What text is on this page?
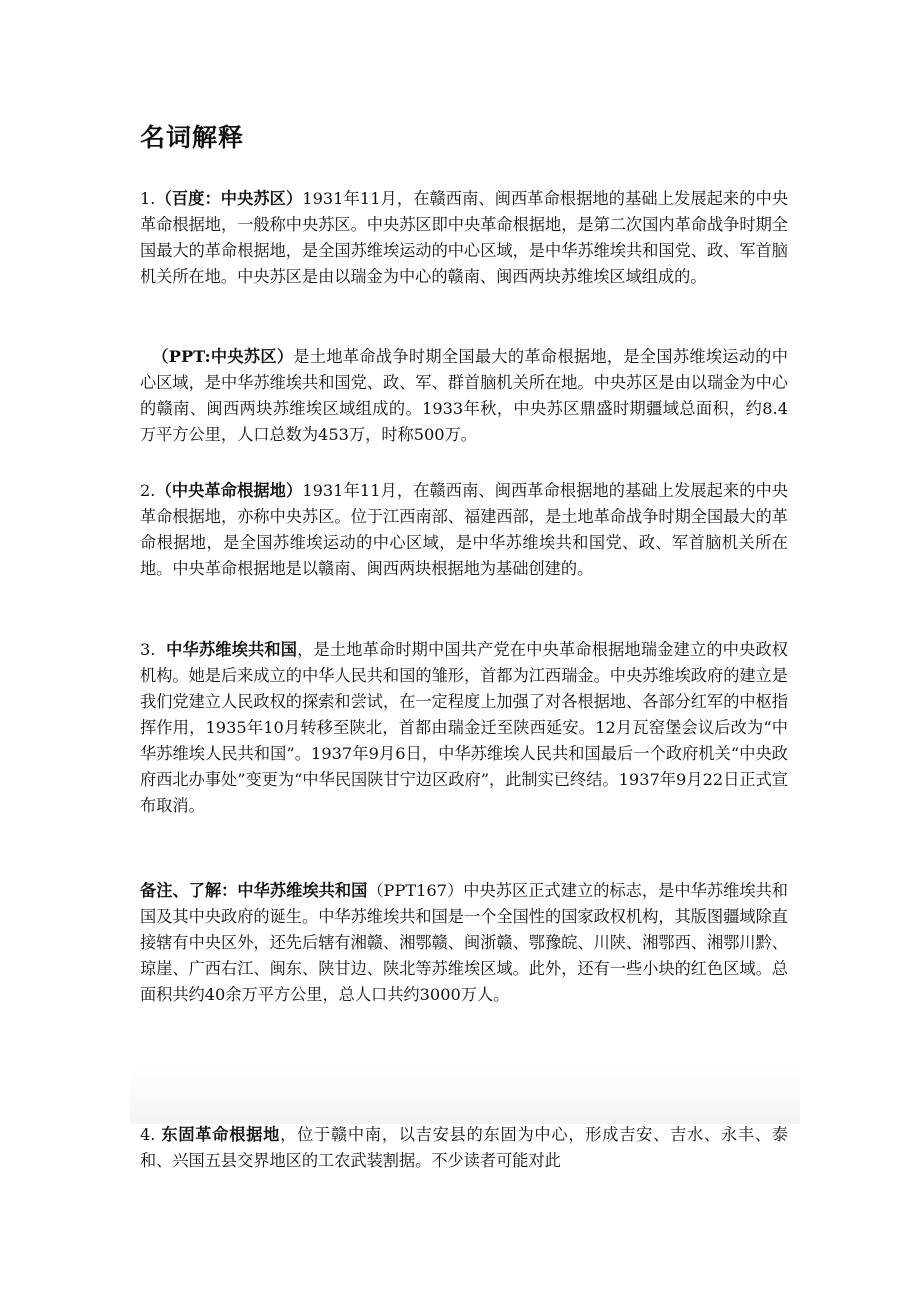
名词解释

1.（百度：中央苏区）1931年11月，在赣西南、闽西革命根据地的基础上发展起来的中央革命根据地，一般称中央苏区。中央苏区即中央革命根据地，是第二次国内革命战争时期全国最大的革命根据地，是全国苏维埃运动的中心区域，是中华苏维埃共和国党、政、军首脑机关所在地。中央苏区是由以瑞金为中心的赣南、闽西两块苏维埃区域组成的。

（PPT:中央苏区）是土地革命战争时期全国最大的革命根据地，是全国苏维埃运动的中心区域，是中华苏维埃共和国党、政、军、群首脑机关所在地。中央苏区是由以瑞金为中心的赣南、闽西两块苏维埃区域组成的。1933年秋，中央苏区鼎盛时期疆域总面积，约8.4万平方公里，人口总数为453万，时称500万。

2.（中央革命根据地）1931年11月，在赣西南、闽西革命根据地的基础上发展起来的中央革命根据地，亦称中央苏区。位于江西南部、福建西部，是土地革命战争时期全国最大的革命根据地，是全国苏维埃运动的中心区域，是中华苏维埃共和国党、政、军首脑机关所在地。中央革命根据地是以赣南、闽西两块根据地为基础创建的。

3. 中华苏维埃共和国，是土地革命时期中国共产党在中央革命根据地瑞金建立的中央政权机构。她是后来成立的中华人民共和国的雏形，首都为江西瑞金。中央苏维埃政府的建立是我们党建立人民政权的探索和尝试，在一定程度上加强了对各根据地、各部分红军的中枢指挥作用，1935年10月转移至陕北，首都由瑞金迁至陕西延安。12月瓦窑堡会议后改为“中华苏维埃人民共和国”。1937年9月6日，中华苏维埃人民共和国最后一个政府机关“中央政府西北办事处”变更为“中华民国陕甘宁边区政府”，此制实已终结。1937年9月22日正式宣布取消。

备注、了解：中华苏维埃共和国（PPT167）中央苏区正式建立的标志，是中华苏维埃共和国及其中央政府的诞生。中华苏维埃共和国是一个全国性的国家政权机构，其版图疆域除直接辖有中央区外，还先后辖有湘赣、湘鄂赣、闽浙赣、鄂豫皖、川陕、湘鄂西、湘鄂川黔、琼崖、广西右江、闽东、陕甘边、陕北等苏维埃区域。此外，还有一些小块的红色区域。总面积共约40余万平方公里，总人口共约3000万人。

4. 东固革命根据地，位于赣中南，以吉安县的东固为中心，形成吉安、吉水、永丰、泰和、兴国五县交界地区的工农武装割据。不少读者可能对此
